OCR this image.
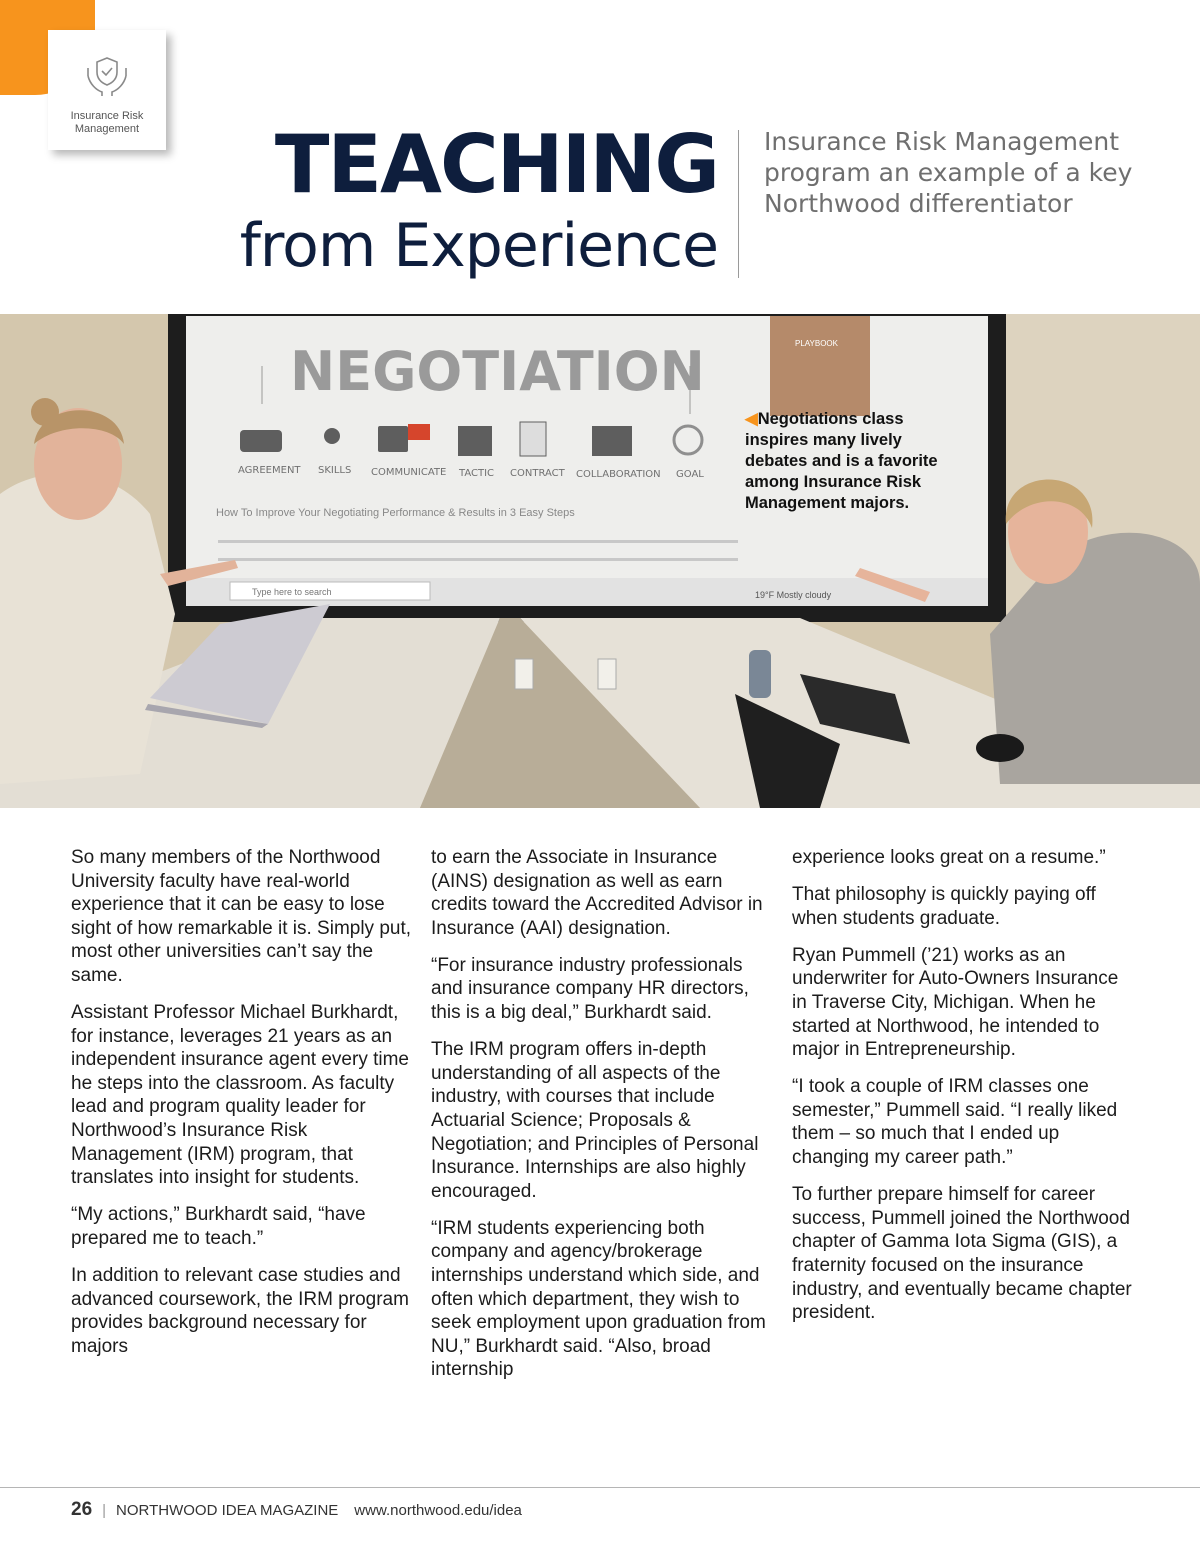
Insurance Risk Management	TEACHING
from Experience
Insurance Risk Management program an example of a key Northwood differentiator
PLAYBOOK
NEGOTIATION
AGREEMENT SKILLS COMMUNICATE TACTIC CONTRACT COLLABORATION GOAL
How To Improve Your Negotiating Performance & Results in 3 Easy Steps
Type here to search	19°F Mostly cloudy
◀Negotiations class inspires many lively debates and is a favorite among Insurance Risk Management majors.

So many members of the Northwood University faculty have real-world experience that it can be easy to lose sight of how remarkable it is. Simply put, most other universities can’t say the same.

Assistant Professor Michael Burkhardt, for instance, leverages 21 years as an independent insurance agent every time he steps into the classroom. As faculty lead and program quality leader for Northwood’s Insurance Risk Management (IRM) program, that translates into insight for students.

“My actions,” Burkhardt said, “have prepared me to teach.”

In addition to relevant case studies and advanced coursework, the IRM program provides background necessary for majors

to earn the Associate in Insurance (AINS) designation as well as earn credits toward the Accredited Advisor in Insurance (AAI) designation.

“For insurance industry professionals and insurance company HR directors, this is a big deal,” Burkhardt said.

The IRM program offers in-depth understanding of all aspects of the industry, with courses that include Actuarial Science; Proposals & Negotiation; and Principles of Personal Insurance. Internships are also highly encouraged.

“IRM students experiencing both company and agency/brokerage internships understand which side, and often which department, they wish to seek employment upon graduation from NU,” Burkhardt said. “Also, broad internship

experience looks great on a resume.”

That philosophy is quickly paying off when students graduate.

Ryan Pummell (’21) works as an underwriter for Auto-Owners Insurance in Traverse City, Michigan. When he started at Northwood, he intended to major in Entrepreneurship.

“I took a couple of IRM classes one semester,” Pummell said. “I really liked them – so much that I ended up changing my career path.”

To further prepare himself for career success, Pummell joined the Northwood chapter of Gamma Iota Sigma (GIS), a fraternity focused on the insurance industry, and eventually became chapter president.

26 | NORTHWOOD IDEA MAGAZINE www.northwood.edu/idea
